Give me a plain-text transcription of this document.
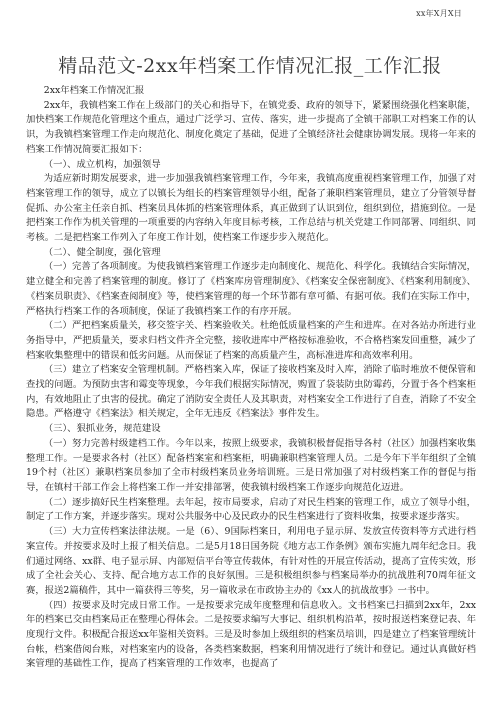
xx年X月X日
精品范文-2xx年档案工作情况汇报_工作汇报

2xx年档案工作情况汇报

2xx年，我镇档案工作在上级部门的关心和指导下，在镇党委、政府的领导下，紧紧围绕强化档案职能，加快档案工作规范化管理这个重点，通过广泛学习、宣传、落实，进一步提高了全镇干部职工对档案工作的认识，为我镇档案管理工作走向规范化、制度化奠定了基础，促进了全镇经济社会健康协调发展。现将一年来的档案工作情况简要汇报如下：

（一）、成立机构，加强领导

为适应新时期发展要求，进一步加强我镇档案管理工作，今年来，我镇高度重视档案管理工作，加强了对档案管理工作的领导，成立了以镇长为组长的档案管理领导小组，配备了兼职档案管理员，建立了分管领导督促抓、办公室主任亲自抓、档案员具体抓的档案管理体系，真正做到了认识到位，组织到位，措施到位。一是把档案工作作为机关管理的一项重要的内容纳入年度目标考核，工作总结与机关党建工作同部署、同组织、同考核。二是把档案工作列入了年度工作计划，使档案工作逐步步入规范化。

（二）、健全制度，强化管理

（一）完善了各项制度。为使我镇档案管理工作逐步走向制度化、规范化、科学化。我镇结合实际情况，建立健全和完善了档案管理的制度。修订了《档案库房管理制度》、《档案安全保密制度》、《档案利用制度》、《档案员职责》、《档案查阅制度》等，使档案管理的每一个环节都有章可循、有据可依。我们在实际工作中，严格执行档案工作的各项制度，保证了我镇档案工作的有序开展。

（二）严把档案质量关，移交签字关、档案验收关。杜绝低质量档案的产生和进库。在对各站办所进行业务指导中，严把质量关，要求归档文件齐全完整，接收进库中严格按标准验收，不合格档案发回重整，减少了档案收集整理中的错误和低劣问题。从而保证了档案的高质量产生，高标准进库和高效率利用。

（三）建立了档案安全管理机制。严格档案入库，保证了接收档案及时入库，消除了临时堆放不便保管和查找的问题。为预防虫害和霉变等现象，今年我们根据实际情况，购置了袋装防虫防霉药，分置于各个档案柜内，有效地阻止了虫害的侵扰。确定了消防安全责任人及其职责，对档案安全工作进行了自查，消除了不安全隐患。严格遵守《档案法》相关规定，全年无违反《档案法》事件发生。

（三）、狠抓业务，规范建设

（一）努力完善村级建档工作。今年以来，按照上级要求，我镇积极督促指导各村（社区）加强档案收集整理工作。一是要求各村（社区）配备档案室和档案柜，明确兼职档案管理人员。二是今年下半年组织了全镇19个村（社区）兼职档案员参加了全市村级档案员业务培训班。三是日常加强了对村级档案工作的督促与指导，在镇村干部工作会上将档案工作一并安排部署，使我镇村级档案工作逐步向规范化迈进。

（二）逐步搞好民生档案整理。去年起，按市局要求，启动了对民生档案的管理工作，成立了领导小组，制定了工作方案，并逐步落实。现对公共服务中心及民政办的民生档案进行了资料收集，按要求逐步落实。

（三）大力宣传档案法律法规。一是（6）、9国际档案日，利用电子显示屏、发放宣传资料等方式进行档案宣传。并按要求及时上报了相关信息。二是5月18日国务院《地方志工作条例》颁布实施九周年纪念日。我们通过网络、xx群、电子显示屏、内部短信平台等宣传载体，有针对性的开展宣传活动，提高了宣传实效，形成了全社会关心、支持、配合地方志工作的良好氛围。三是积极组织参与档案局举办的抗战胜利70周年征文赛，报送2篇稿件，其中一篇获得三等奖，另一篇收录在市政协主办的《xx人的抗战故事》一书中。

（四）按要求及时完成日常工作。一是按要求完成年度整理和信息收入。文书档案已扫描到2xx年，2xx年的档案已交由档案局正在整理心得体会。二是按要求编写大事记、组织机构沿革，按时报送档案登记表、年度现行文件。积极配合报送xx年鉴相关资料。三是及时参加上级组织的档案员培训，四是建立了档案管理统计台帐，档案借阅台账，对档案室内的设备，各类档案数据，档案利用情况进行了统计和登记。通过认真做好档案管理的基础性工作，提高了档案管理的工作效率，也提高了
